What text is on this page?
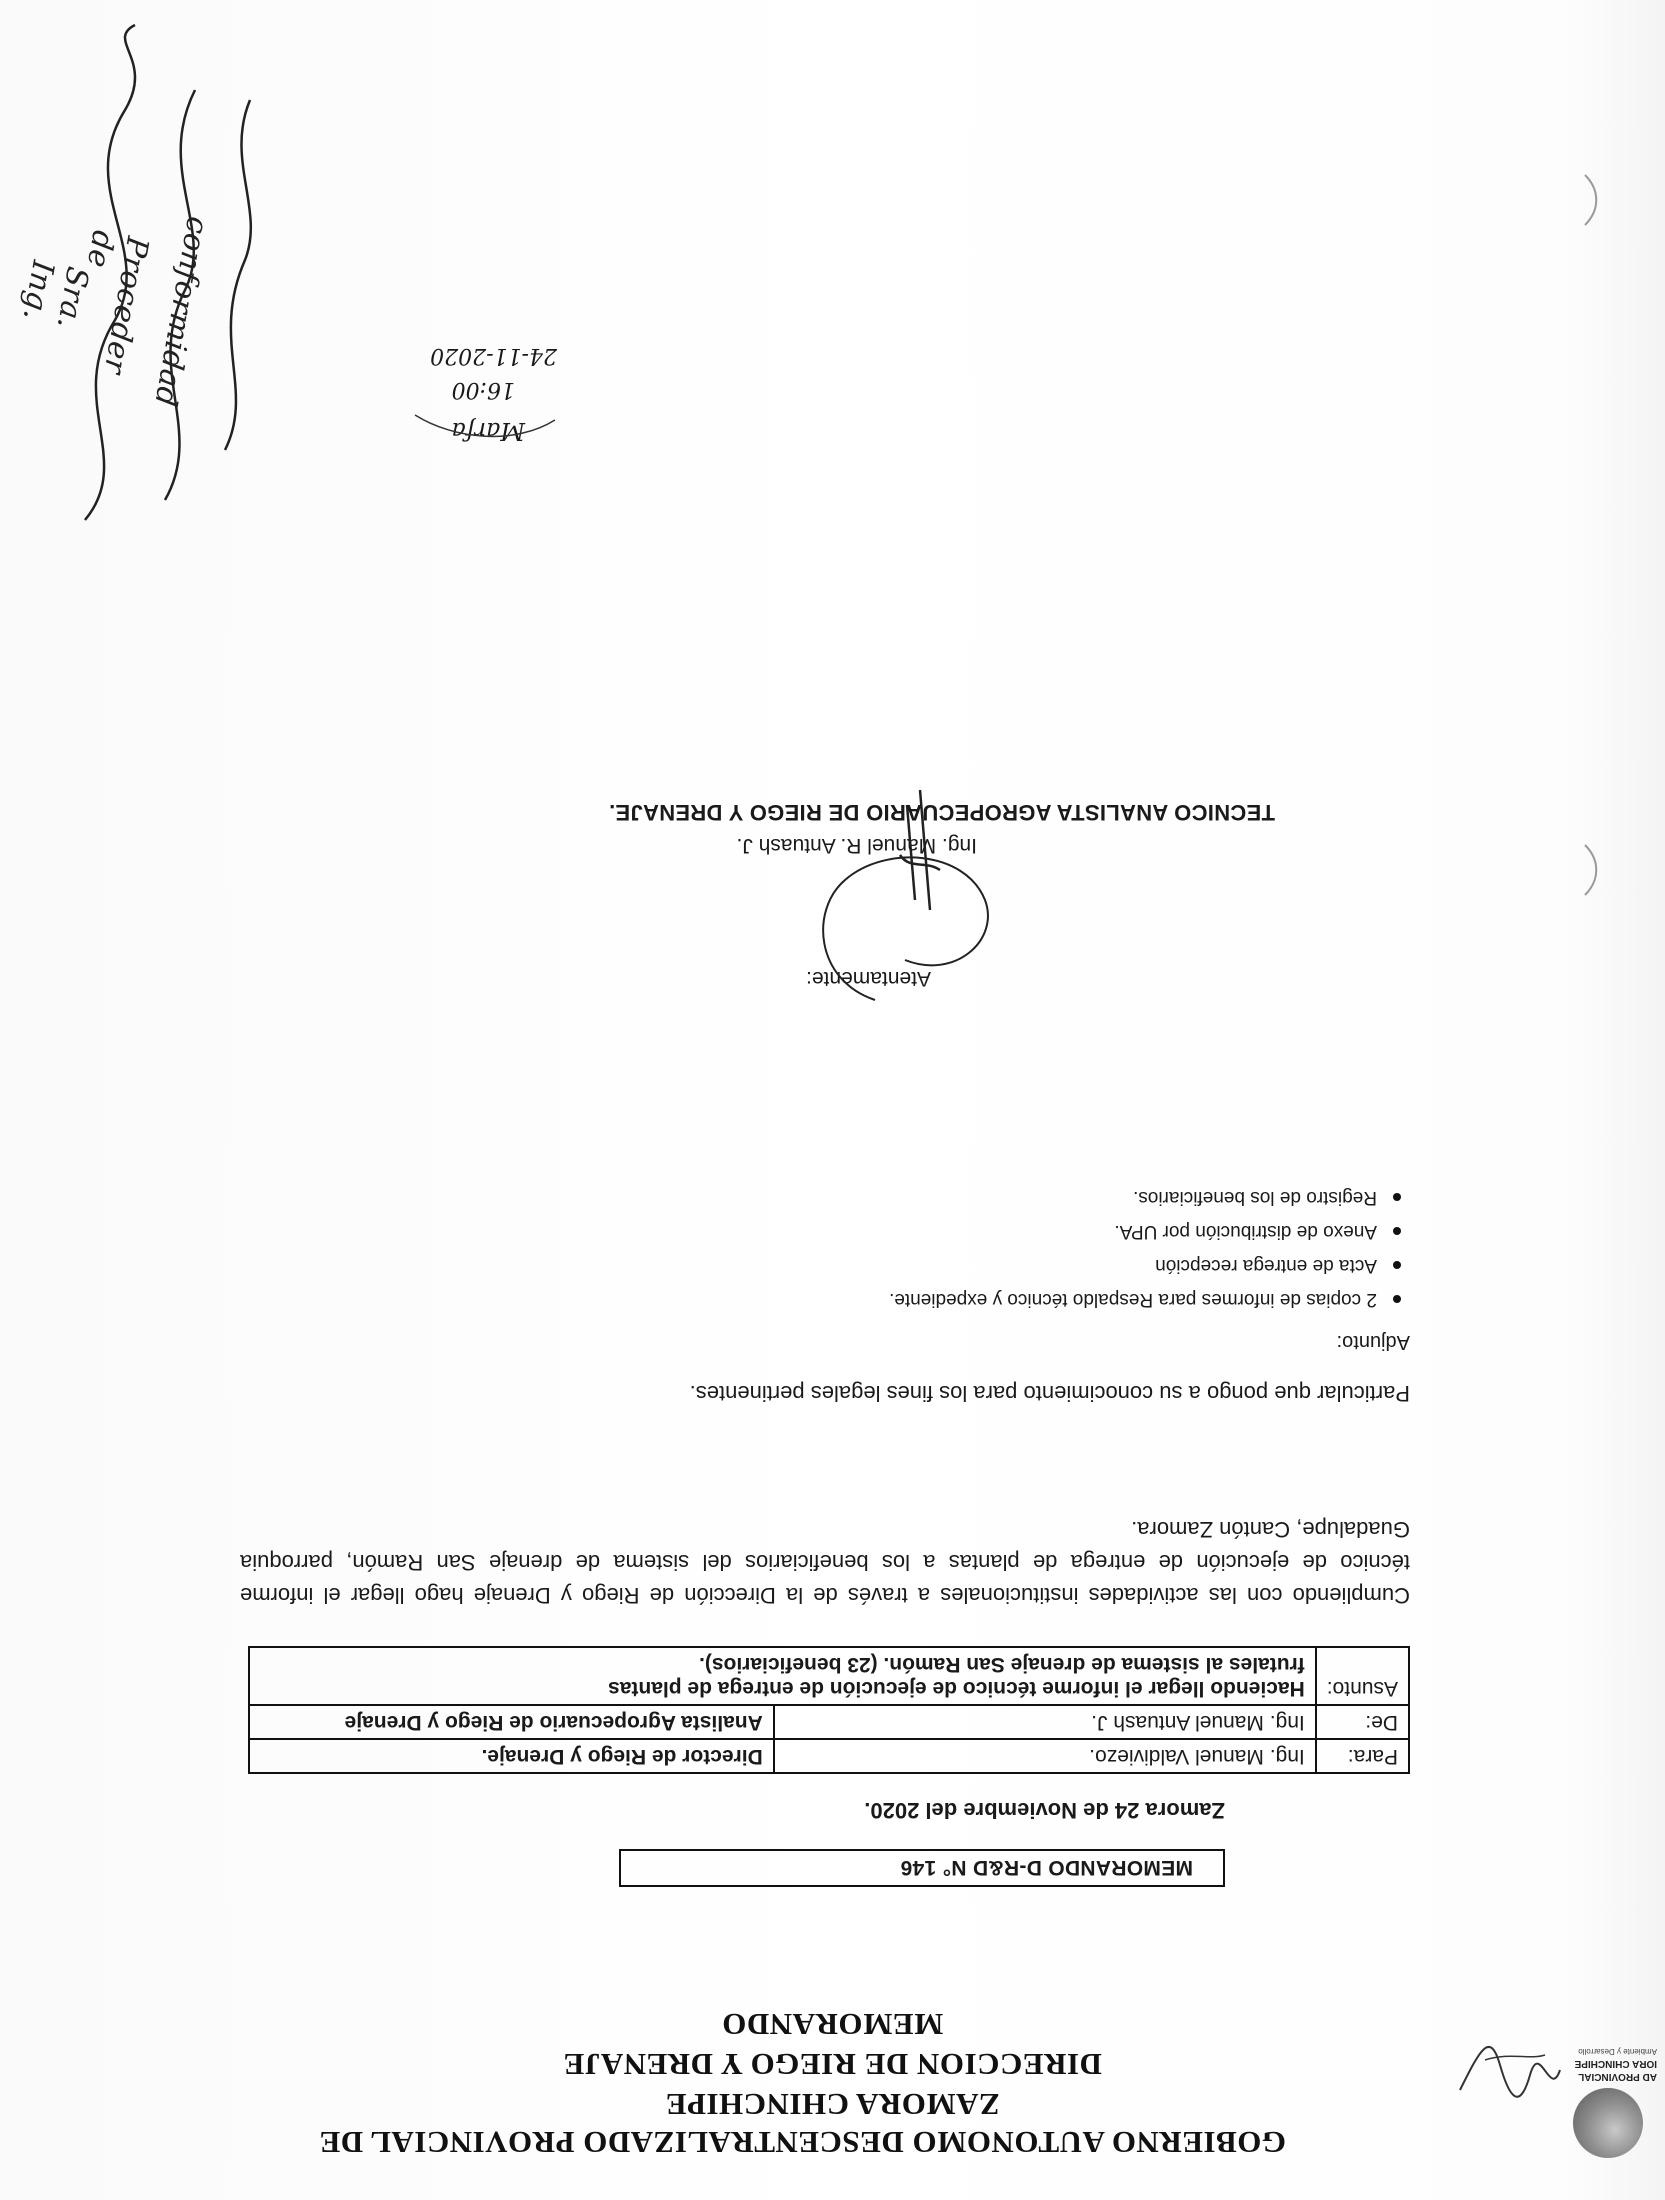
AD PROVINCIAL
IORA CHINCHIPE
Ambiente y Desarrollo
GOBIERNO AUTONOMO DESCENTRALIZADO PROVINCIAL DE
ZAMORA CHINCHIPE
DIRECCION DE RIEGO Y DRENAJE
MEMORANDO
MEMORANDO D-R&D N° 146
Zamora 24 de Noviembre del 2020.
Para:	Ing. Manuel Valdiviezo.	Director de Riego y Drenaje.
De:	Ing. Manuel Antuash J.	Analista Agropecuario de Riego y Drenaje
Asunto:	Haciendo llegar el informe técnico de ejecución de entrega de plantas
frutales al sistema de drenaje San Ramón. (23 beneficiarios).	
Cumpliendo con las actividades institucionales a través de la Dirección de Riego y Drenaje hago llegar el informe técnico de ejecución de entrega de plantas a los beneficiarios del sistema de drenaje San Ramón, parroquia Guadalupe, Cantón Zamora.
Particular que pongo a su conocimiento para los fines legales pertinentes.
Adjunto:
2 copias de informes para Respaldo técnico y expediente.
Acta de entrega recepción
Anexo de distribución por UPA.
Registro de los beneficiarios.
Atentamente:
Ing. Manuel R. Antuash J.
TECNICO ANALISTA AGROPECUARIO DE RIEGO Y DRENAJE.
Marfa
16:00
24-11-2020
Sra. Ing.	Proceder de conformidad
